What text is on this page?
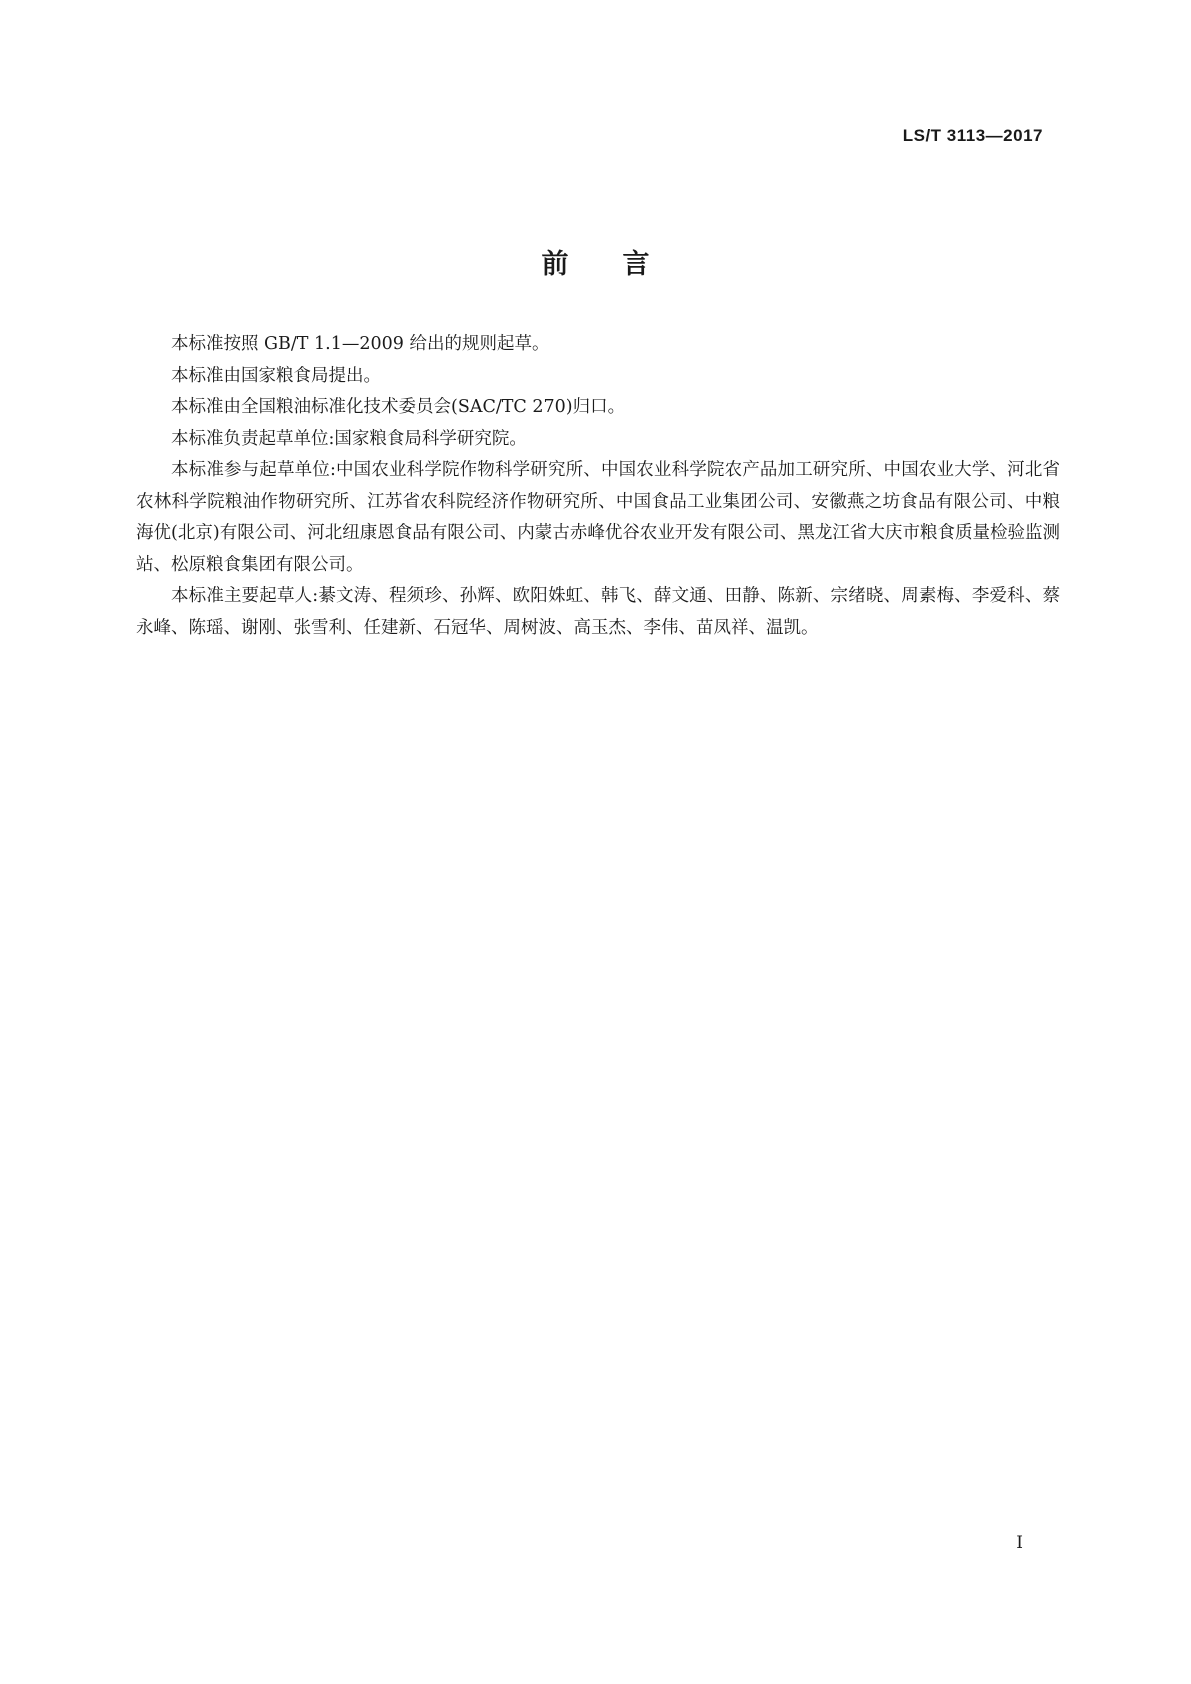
LS/T 3113—2017
前言

本标准按照 GB/T 1.1—2009 给出的规则起草。

本标准由国家粮食局提出。

本标准由全国粮油标准化技术委员会(SAC/TC 270)归口。

本标准负责起草单位:国家粮食局科学研究院。

本标准参与起草单位:中国农业科学院作物科学研究所、中国农业科学院农产品加工研究所、中国农业大学、河北省农林科学院粮油作物研究所、江苏省农科院经济作物研究所、中国食品工业集团公司、安徽燕之坊食品有限公司、中粮海优(北京)有限公司、河北纽康恩食品有限公司、内蒙古赤峰优谷农业开发有限公司、黑龙江省大庆市粮食质量检验监测站、松原粮食集团有限公司。

本标准主要起草人:綦文涛、程须珍、孙辉、欧阳姝虹、韩飞、薛文通、田静、陈新、宗绪晓、周素梅、李爱科、蔡永峰、陈瑶、谢刚、张雪利、任建新、石冠华、周树波、高玉杰、李伟、苗凤祥、温凯。

I
